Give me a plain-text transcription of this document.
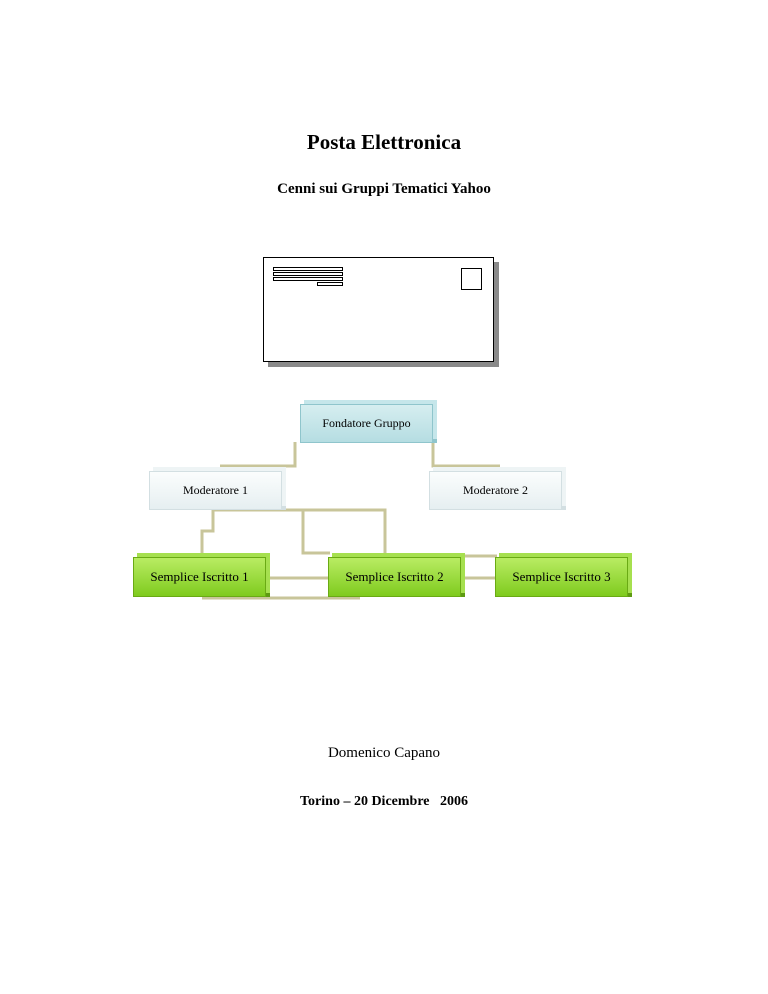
Posta Elettronica
Cenni sui Gruppi Tematici Yahoo
Fondatore Gruppo
Moderatore 1	Moderatore 2
Semplice Iscritto 1	Semplice Iscritto 2	Semplice Iscritto 3
Domenico Capano
Torino – 20 Dicembre   2006
